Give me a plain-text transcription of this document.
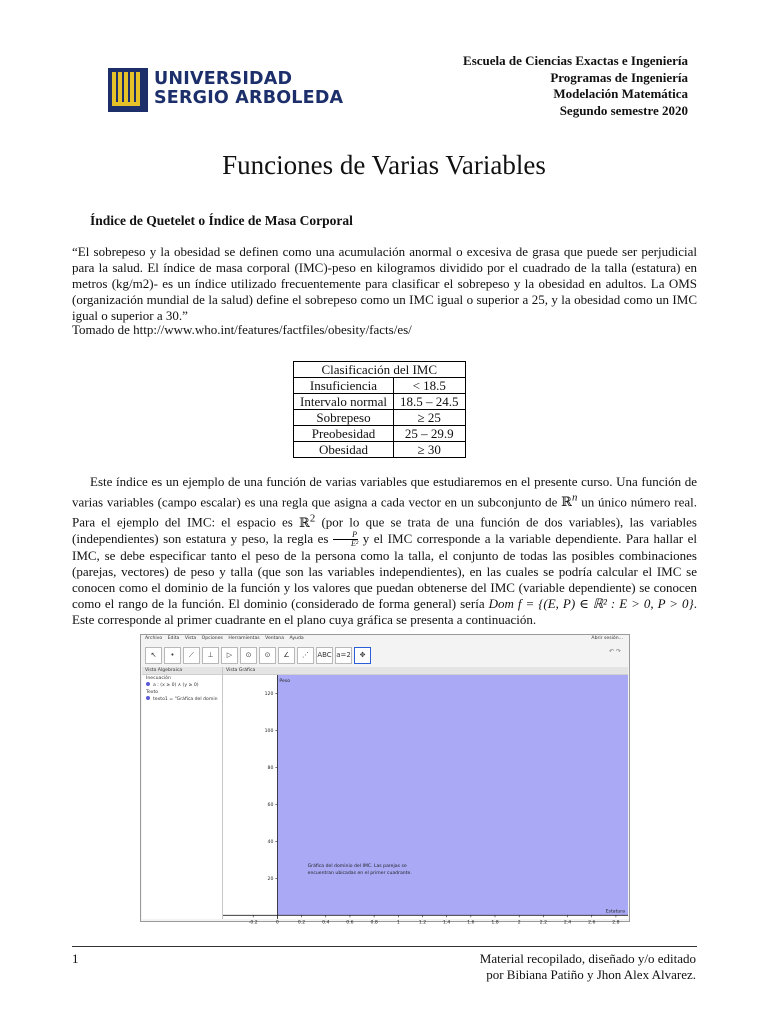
UNIVERSIDAD
SERGIO ARBOLEDA
Escuela de Ciencias Exactas e Ingeniería
Programas de Ingeniería
Modelación Matemática
Segundo semestre 2020
Funciones de Varias Variables
Índice de Quetelet o Índice de Masa Corporal
“El sobrepeso y la obesidad se definen como una acumulación anormal o excesiva de grasa que puede ser perjudicial para la salud. El índice de masa corporal (IMC)-peso en kilogramos dividido por el cuadrado de la talla (estatura) en metros (kg/m2)- es un índice utilizado frecuentemente para clasificar el sobrepeso y la obesidad en adultos. La OMS (organización mundial de la salud) define el sobrepeso como un IMC igual o superior a 25, y la obesidad como un IMC igual o superior a 30.”
Tomado de http://www.who.int/features/factfiles/obesity/facts/es/
Clasificación del IMC	
Insuficiencia	< 18.5
Intervalo normal	18.5 – 24.5
Sobrepeso	≥ 25
Preobesidad	25 – 29.9
Obesidad	≥ 30
Este índice es un ejemplo de una función de varias variables que estudiaremos en el presente curso. Una función de varias variables (campo escalar) es una regla que asigna a cada vector en un subconjunto de ℝ$^n$ un único número real. Para el ejemplo del IMC: el espacio es ℝ$^2$ (por lo que se trata de una función de dos variables), las variables (independientes) son estatura y peso, la regla es $\frac{P}{\text{E²}}$ y el IMC corresponde a la variable dependiente. Para hallar el IMC, se debe especificar tanto el peso de la persona como la talla, el conjunto de todas las posibles combinaciones (parejas, vectores) de peso y talla (que son las variables independientes), en las cuales se podría calcular el IMC se conocen como el dominio de la función y los valores que puedan obtenerse del IMC (variable dependiente) se conocen como el rango de la función. El dominio (considerado de forma general) sería Dom f = {(E, P) ∈ ℝ² : E > 0, P > 0}. Este corresponde al primer cuadrante en el plano cuya gráfica se presenta a continuación.
Archivo Edita Vista Opciones Herramientas Ventana Ayuda	Abrir sesión...
↖	•	⟋	⊥	▷	⊙	⊙	∠	⋰	ABC a=2	✥	↶ ↷
Vista Algebraica
Inecuación
a : (x ≥ 0) ∧ (y ≥ 0)
Texto
texto1 = "Gráfica del domin
Vista Gráfica
-0.2	0	0.2	0.4	0.6	0.8	1	1.2	1.4	1.6	1.8	2	2.2	2.4	2.6	2.8
20
40
60
80
100
120
Peso
Estatura
Gráfica del dominio del IMC. Las parejas se
encuentran ubicadas en el primer cuadrante.
1	Material recopilado, diseñado y/o editado
por Bibiana Patiño y Jhon Alex Alvarez.
